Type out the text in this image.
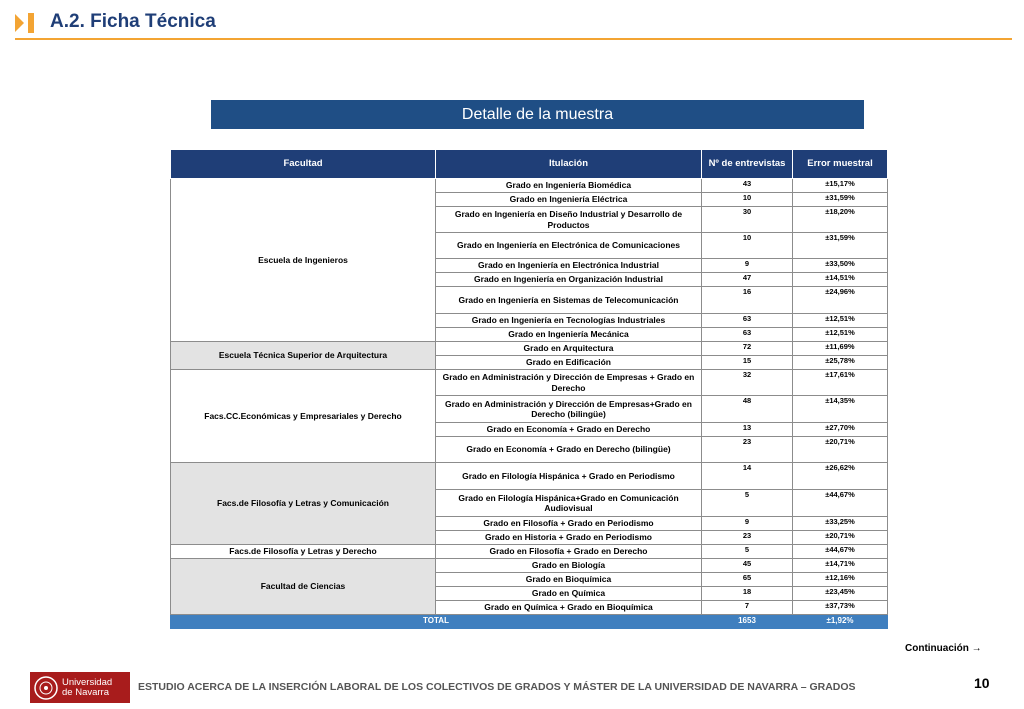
A.2. Ficha Técnica
Detalle de la muestra
Facultad	Itulación	Nº de entrevistas	Error muestral
Escuela de Ingenieros	Grado en Ingeniería Biomédica	43	±15,17%
	Grado en Ingeniería Eléctrica	10	±31,59%
	Grado en Ingeniería en Diseño Industrial y Desarrollo de Productos	30	±18,20%
	Grado en Ingeniería en Electrónica de Comunicaciones	10	±31,59%
	Grado en Ingeniería en Electrónica Industrial	9	±33,50%
	Grado en Ingeniería en Organización Industrial	47	±14,51%
	Grado en Ingeniería en Sistemas de Telecomunicación	16	±24,96%
	Grado en Ingeniería en Tecnologías Industriales	63	±12,51%
	Grado en Ingeniería Mecánica	63	±12,51%
Escuela Técnica Superior de Arquitectura	Grado en Arquitectura	72	±11,69%
	Grado en Edificación	15	±25,78%
Facs.CC.Económicas y Empresariales y Derecho	Grado en Administración y Dirección de Empresas + Grado en Derecho	32	±17,61%
	Grado en Administración y Dirección de Empresas+Grado en Derecho (bilingüe)	48	±14,35%
	Grado en Economía + Grado en Derecho	13	±27,70%
	Grado en Economía + Grado en Derecho (bilingüe)	23	±20,71%
Facs.de Filosofía y Letras y Comunicación	Grado en Filología Hispánica + Grado en Periodismo	14	±26,62%
	Grado en Filología Hispánica+Grado en Comunicación Audiovisual	5	±44,67%
	Grado en Filosofía + Grado en Periodismo	9	±33,25%
	Grado en Historia + Grado en Periodismo	23	±20,71%
Facs.de Filosofía y Letras y Derecho	Grado en Filosofía + Grado en Derecho	5	±44,67%
Facultad de Ciencias	Grado en Biología	45	±14,71%
	Grado en Bioquímica	65	±12,16%
	Grado en Química	18	±23,45%
	Grado en Química + Grado en Bioquímica	7	±37,73%
TOTAL		1653	±1,92%
Continuación →
10
Universidad
de Navarra	ESTUDIO ACERCA DE LA INSERCIÓN LABORAL DE LOS COLECTIVOS DE GRADOS Y MÁSTER DE LA UNIVERSIDAD DE NAVARRA – GRADOS
